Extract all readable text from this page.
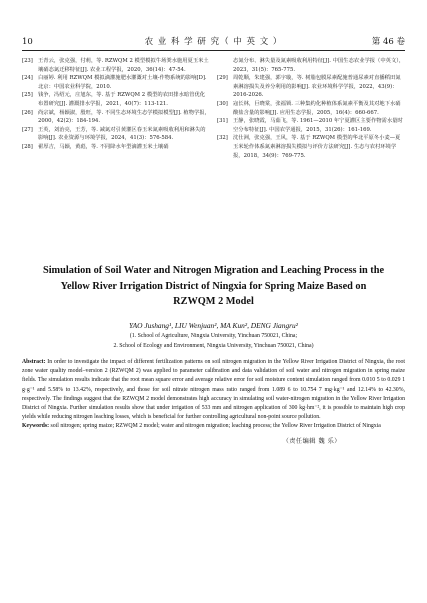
10	农 业 科 学 研 究（ 中 英 文 ）	第 46 卷
[23] 王青云，张克强，付莉，等. RZWQM 2 模型模拟牛场粪水施用夏玉米土壤硝态氮迁移特征[J]. 农业工程学报，2020，36(14)：47-54.
[24] 白丽婷. 利用 RZWQM 模拟滴灌施肥水灌溉对土壤-作物系统的影响[D]. 北京：中国农业科学院，2010.
[25] 钱争，冯绍元，庄旭东，等. 基于 RZWQM 2 模型的农田排水暗管优化布置研究[J]. 灌溉排水学报，2021，40(7)：113-121.
[26] 尚宗斌，杨颖淑，殷旺，等. 不同生态环境生态学模拟模型[J]. 植物学报，2000，42(2)：184-194.
[27] 王英，刘治亮，王芳，等. 减氮对引黄灌区春玉米氮素吸收利用和淋失的影响[J]. 农业资源与环境学报，2024，41(3)：576-584.
[28] 翟厚吉，马颖，黄彪，等. 不同降水年型滴灌玉米土壤硝
态氮分布、淋失量及氮素吸收利用特征[J]. 中国生态农业学报（中英文），2023，31(5)：765-775.
[29] 周乾顺，朱建强，郭宇璇，等. 树脂包膜尿素配施普通尿素对直播稻田氮素淋溶损失及养分利用的影响[J]. 农业环境科学学报，2022，43(9)：2016-2026.
[30] 寇长林，巨晓棠，张福锁. 三种集约化种植体系氮素平衡及其对地下水硝酸盐含量的影响[J]. 应用生态学报，2005，16(4)：660-667.
[31] 王静，张晓霞，马茹飞，等. 1961—2010 年宁夏灌区主要作物需水量时空分布特征[J]. 中国农学通报，2015，31(26)：161-169.
[32] 沈仕洲，张克强，王风，等. 基于 RZWQM 模型的华北平原冬小麦—夏玉米轮作体系氮素淋溶损失模拟与评价方法研究[J]. 生态与农村环境学报，2018，34(9)：769-775.
Simulation of Soil Water and Nitrogen Migration and Leaching Process in the
Yellow River Irrigation District of Ningxia for Spring Maize Based on
RZWQM 2 Model
YAO Jushang¹, LIU Wenjuan², MA Kun², DENG Jiangru²
(1. School of Agriculture, Ningxia University, Yinchuan 750021, China;
2. School of Ecology and Environment, Ningxia University, Yinchuan 750021, China)
Abstract: In order to investigate the impact of different fertilization patterns on soil nitrogen migration in the Yellow River Irrigation District of Ningxia, the root zone water quality model–version 2 (RZWQM 2) was applied to parameter calibration and data validation of soil water and nitrogen migration in spring maize fields. The simulation results indicate that the root mean square error and average relative error for soil moisture content simulation ranged from 0.010 5 to 0.029 1 g·g⁻¹ and 5.58% to 13.42%, respectively, and those for soil nitrate nitrogen mass ratio ranged from 1.089 6 to 10.754 7 mg·kg⁻¹ and 12.14% to 42.30%, respectively. The findings suggest that the RZWQM 2 model demonstrates high accuracy in simulating soil water-nitrogen migration in the Yellow River Irrigation District of Ningxia. Further simulation results show that under irrigation of 533 mm and nitrogen application of 300 kg·hm⁻², it is possible to maintain high crop yields while reducing nitrogen leaching losses, which is beneficial for further controlling agricultural non-point source pollution.
Keywords: soil nitrogen; spring maize; RZWQM 2 model; water and nitrogen migration; leaching process; the Yellow River Irrigation District of Ningxia
（责任编辑 魏 乐）
